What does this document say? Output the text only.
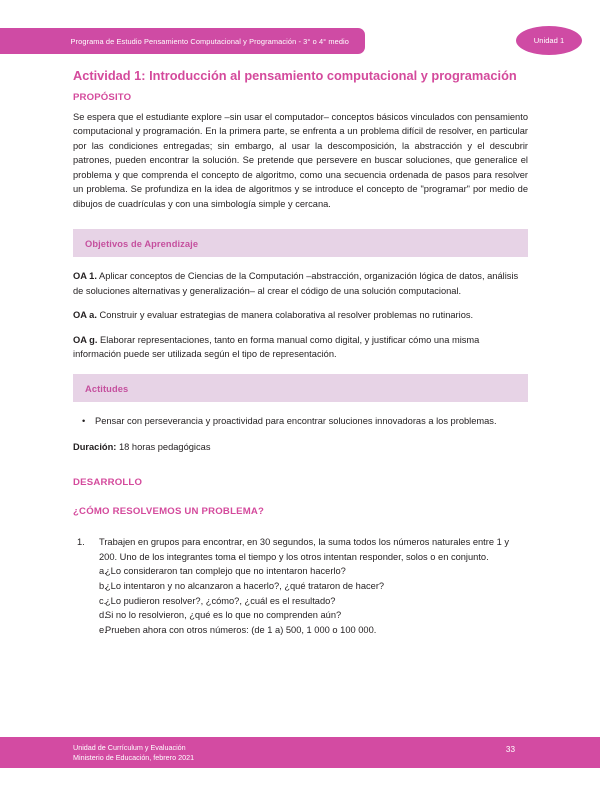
Programa de Estudio Pensamiento Computacional y Programación - 3° o 4° medio	Unidad 1
Actividad 1: Introducción al pensamiento computacional y programación
PROPÓSITO

Se espera que el estudiante explore –sin usar el computador– conceptos básicos vinculados con pensamiento computacional y programación. En la primera parte, se enfrenta a un problema difícil de resolver, en particular por las condiciones entregadas; sin embargo, al usar la descomposición, la abstracción y el descubrir patrones, pueden encontrar la solución. Se pretende que persevere en buscar soluciones, que generalice el problema y que comprenda el concepto de algoritmo, como una secuencia ordenada de pasos para resolver un problema. Se profundiza en la idea de algoritmos y se introduce el concepto de "programar" por medio de dibujos de cuadrículas y con una simbología simple y cercana.

Objetivos de Aprendizaje

OA 1. Aplicar conceptos de Ciencias de la Computación –abstracción, organización lógica de datos, análisis de soluciones alternativas y generalización– al crear el código de una solución computacional.

OA a. Construir y evaluar estrategias de manera colaborativa al resolver problemas no rutinarios.

OA g. Elaborar representaciones, tanto en forma manual como digital, y justificar cómo una misma información puede ser utilizada según el tipo de representación.

Actitudes
•	Pensar con perseverancia y proactividad para encontrar soluciones innovadoras a los problemas.

Duración: 18 horas pedagógicas

DESARROLLO
¿CÓMO RESOLVEMOS UN PROBLEMA?
1.	Trabajen en grupos para encontrar, en 30 segundos, la suma todos los números naturales entre 1 y 200. Uno de los integrantes toma el tiempo y los otros intentan responder, solos o en conjunto.
a.
¿Lo consideraron tan complejo que no intentaron hacerlo?
b.
¿Lo intentaron y no alcanzaron a hacerlo?, ¿qué trataron de hacer?
c.
¿Lo pudieron resolver?, ¿cómo?, ¿cuál es el resultado?
d.
Si no lo resolvieron, ¿qué es lo que no comprenden aún?
e.
Prueben ahora con otros números: (de 1 a) 500, 1 000 o 100 000.
Unidad de Currículum y Evaluación
Ministerio de Educación, febrero 2021
33
